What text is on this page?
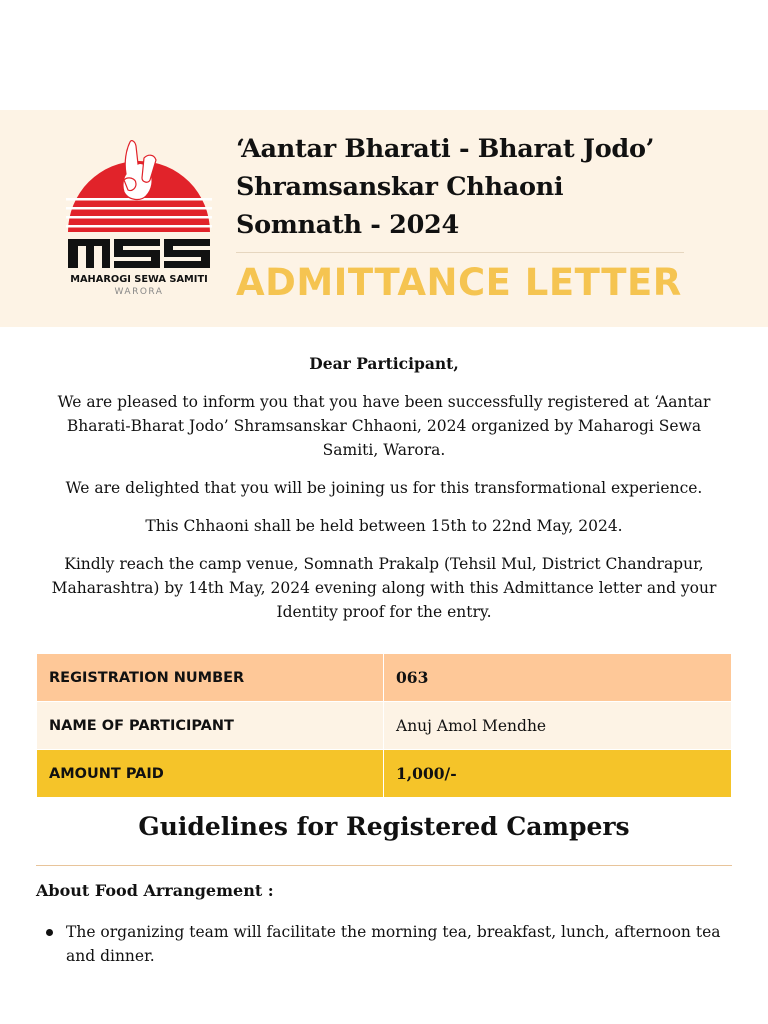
MAHAROGI SEWA SAMITI
WARORA
‘Aantar Bharati - Bharat Jodo’
Shramsanskar Chhaoni
Somnath - 2024
ADMITTANCE LETTER

Dear Participant,

We are pleased to inform you that you have been successfully registered at ‘Aantar Bharati-Bharat Jodo’ Shramsanskar Chhaoni, 2024 organized by Maharogi Sewa Samiti, Warora.

We are delighted that you will be joining us for this transformational experience.

This Chhaoni shall be held between 15th to 22nd May, 2024.

Kindly reach the camp venue, Somnath Prakalp (Tehsil Mul, District Chandrapur, Maharashtra) by 14th May, 2024 evening along with this Admittance letter and your Identity proof for the entry.

REGISTRATION NUMBER	063
NAME OF PARTICIPANT	Anuj Amol Mendhe
AMOUNT PAID	1,000/-
Guidelines for Registered Campers
About Food Arrangement :
The organizing team will facilitate the morning tea, breakfast, lunch, afternoon tea and dinner.
